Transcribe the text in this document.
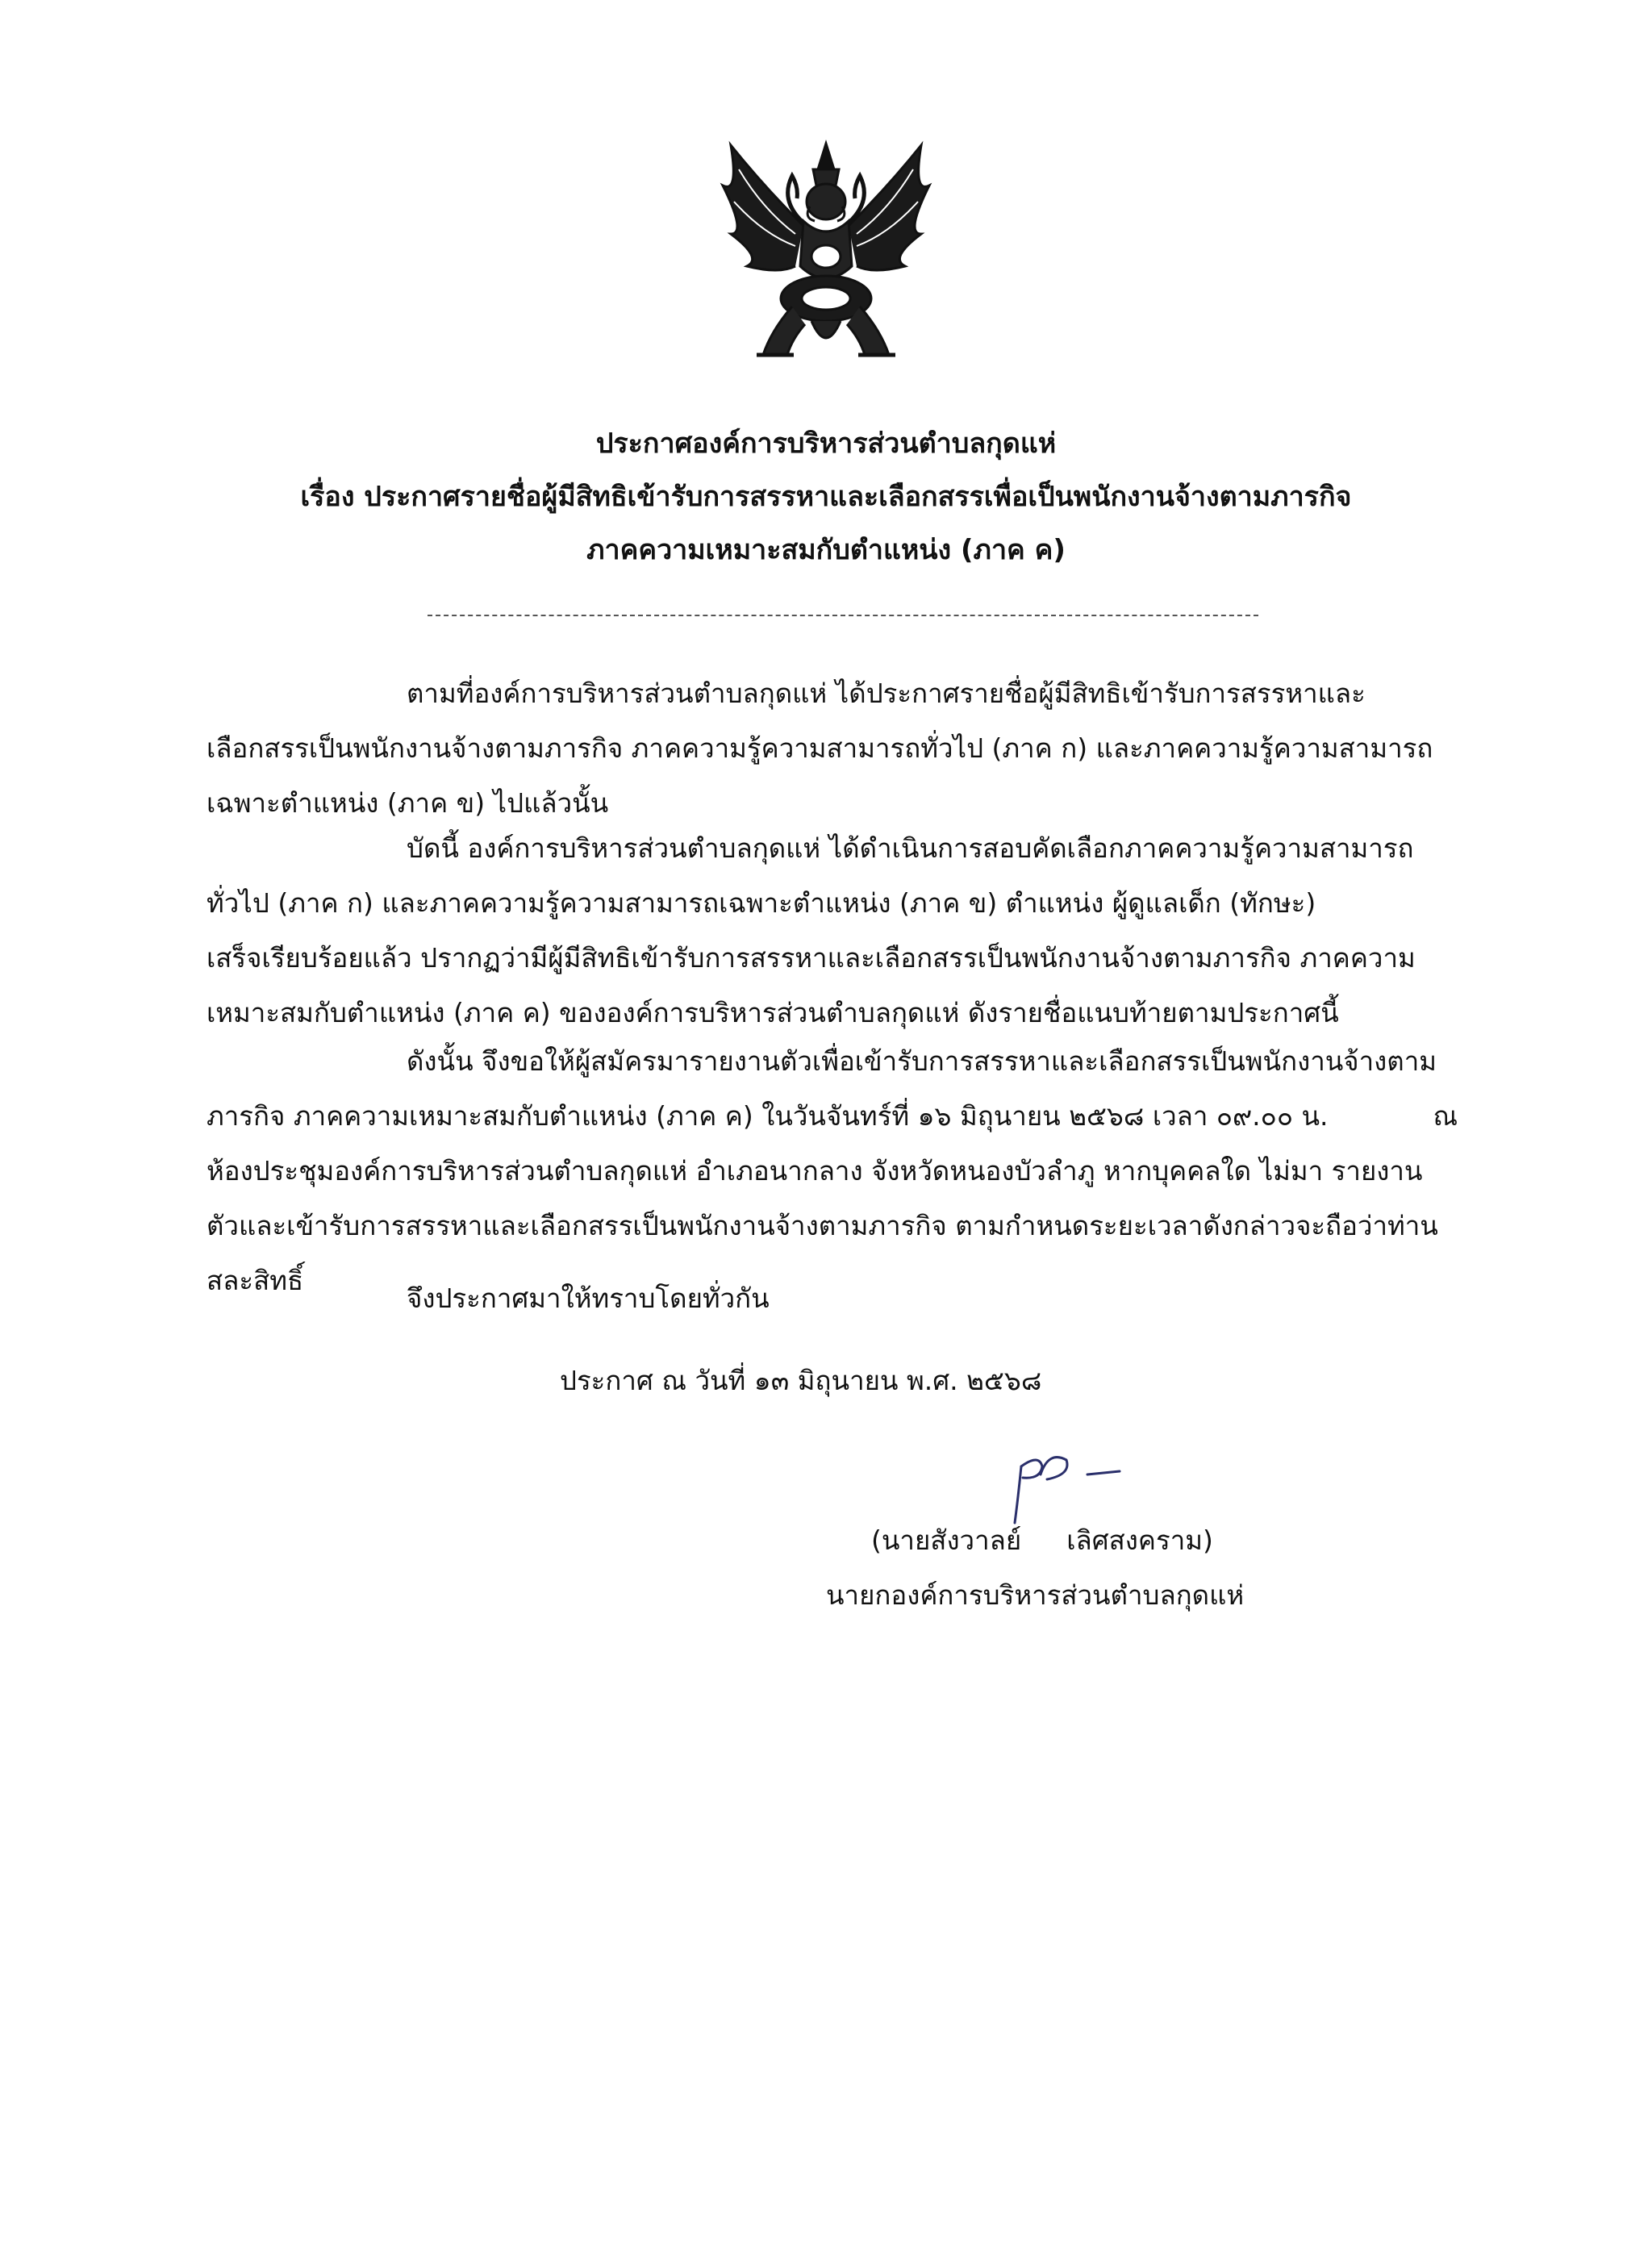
ประกาศองค์การบริหารส่วนตำบลกุดแห่
เรื่อง ประกาศรายชื่อผู้มีสิทธิเข้ารับการสรรหาและเลือกสรรเพื่อเป็นพนักงานจ้างตามภารกิจ
ภาคความเหมาะสมกับตำแหน่ง (ภาค ค)
ตามที่องค์การบริหารส่วนตำบลกุดแห่ ได้ประกาศรายชื่อผู้มีสิทธิเข้ารับการสรรหาและ
เลือกสรรเป็นพนักงานจ้างตามภารกิจ ภาคความรู้ความสามารถทั่วไป (ภาค ก) และภาคความรู้ความสามารถ
เฉพาะตำแหน่ง (ภาค ข) ไปแล้วนั้น
บัดนี้ องค์การบริหารส่วนตำบลกุดแห่ ได้ดำเนินการสอบคัดเลือกภาคความรู้ความสามารถ
ทั่วไป (ภาค ก) และภาคความรู้ความสามารถเฉพาะตำแหน่ง (ภาค ข) ตำแหน่ง ผู้ดูแลเด็ก (ทักษะ)
เสร็จเรียบร้อยแล้ว ปรากฏว่ามีผู้มีสิทธิเข้ารับการสรรหาและเลือกสรรเป็นพนักงานจ้างตามภารกิจ ภาคความ
เหมาะสมกับตำแหน่ง (ภาค ค) ขององค์การบริหารส่วนตำบลกุดแห่ ดังรายชื่อแนบท้ายตามประกาศนี้
ดังนั้น จึงขอให้ผู้สมัครมารายงานตัวเพื่อเข้ารับการสรรหาและเลือกสรรเป็นพนักงานจ้างตาม
ภารกิจ ภาคความเหมาะสมกับตำแหน่ง (ภาค ค) ในวันจันทร์ที่ ๑๖ มิถุนายน ๒๕๖๘ เวลา ๐๙.๐๐ น.	ณ
ห้องประชุมองค์การบริหารส่วนตำบลกุดแห่ อำเภอนากลาง จังหวัดหนองบัวลำภู หากบุคคลใด ไม่มา รายงาน
ตัวและเข้ารับการสรรหาและเลือกสรรเป็นพนักงานจ้างตามภารกิจ ตามกำหนดระยะเวลาดังกล่าวจะถือว่าท่าน
สละสิทธิ์
จึงประกาศมาให้ทราบโดยทั่วกัน
ประกาศ ณ วันที่ ๑๓ มิถุนายน พ.ศ. ๒๕๖๘
(นายสังวาลย์ เลิศสงคราม)
นายกองค์การบริหารส่วนตำบลกุดแห่
